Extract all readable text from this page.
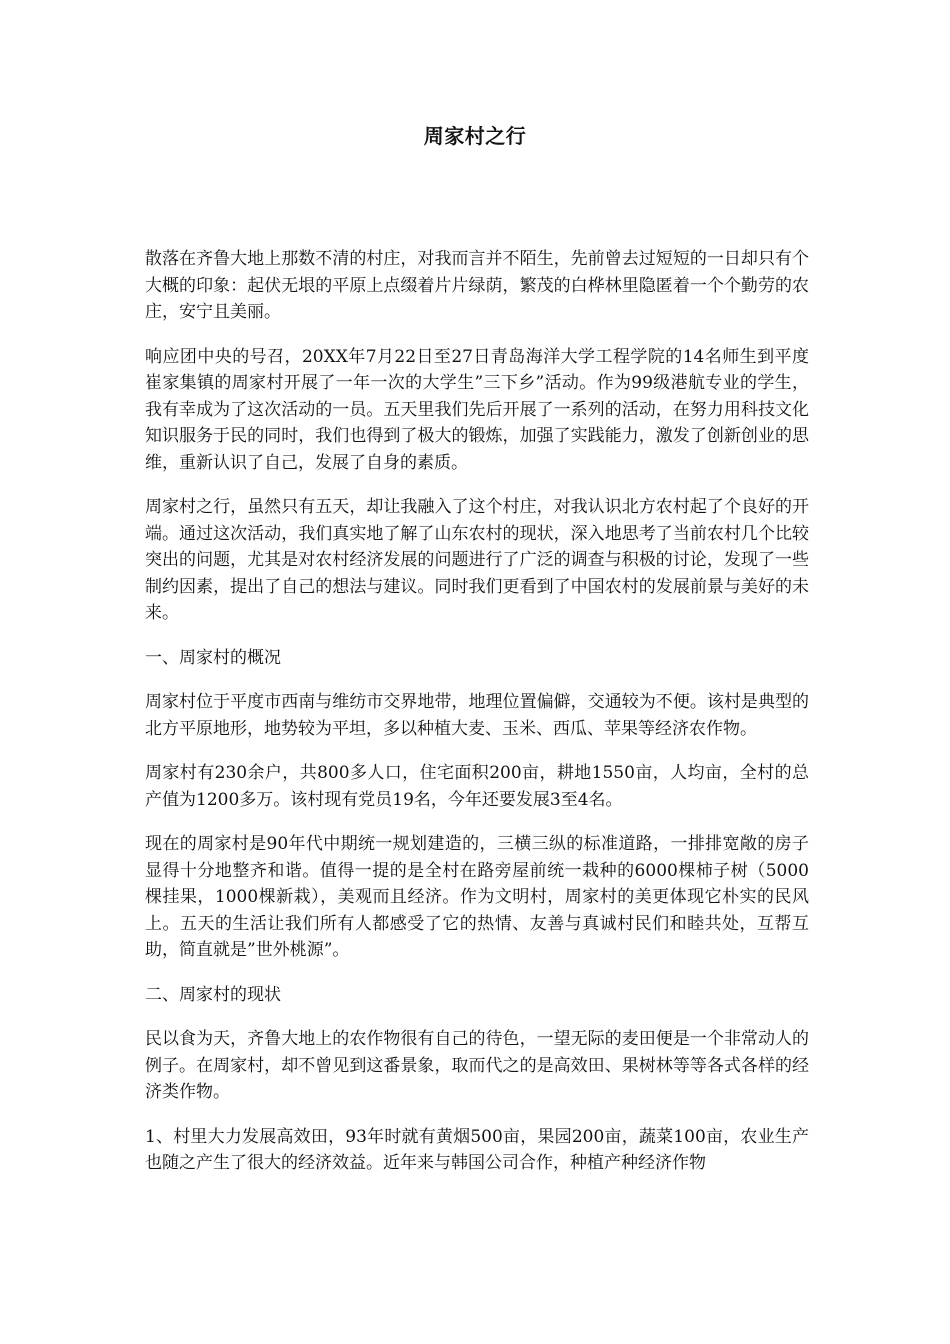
周家村之行

散落在齐鲁大地上那数不清的村庄，对我而言并不陌生，先前曾去过短短的一日却只有个大概的印象：起伏无垠的平原上点缀着片片绿荫，繁茂的白桦林里隐匿着一个个勤劳的农庄，安宁且美丽。

响应团中央的号召，20XX年7月22日至27日青岛海洋大学工程学院的14名师生到平度崔家集镇的周家村开展了一年一次的大学生”三下乡”活动。作为99级港航专业的学生，我有幸成为了这次活动的一员。五天里我们先后开展了一系列的活动，在努力用科技文化知识服务于民的同时，我们也得到了极大的锻炼，加强了实践能力，激发了创新创业的思维，重新认识了自己，发展了自身的素质。

周家村之行，虽然只有五天，却让我融入了这个村庄，对我认识北方农村起了个良好的开端。通过这次活动，我们真实地了解了山东农村的现状，深入地思考了当前农村几个比较突出的问题，尤其是对农村经济发展的问题进行了广泛的调查与积极的讨论，发现了一些制约因素，提出了自己的想法与建议。同时我们更看到了中国农村的发展前景与美好的未来。

一、周家村的概况

周家村位于平度市西南与维纺市交界地带，地理位置偏僻，交通较为不便。该村是典型的北方平原地形，地势较为平坦，多以种植大麦、玉米、西瓜、苹果等经济农作物。

周家村有230余户，共800多人口，住宅面积200亩，耕地1550亩，人均亩，全村的总产值为1200多万。该村现有党员19名，今年还要发展3至4名。

现在的周家村是90年代中期统一规划建造的，三横三纵的标准道路，一排排宽敞的房子显得十分地整齐和谐。值得一提的是全村在路旁屋前统一栽种的6000棵柿子树（5000棵挂果，1000棵新栽），美观而且经济。作为文明村，周家村的美更体现它朴实的民风上。五天的生活让我们所有人都感受了它的热情、友善与真诚村民们和睦共处，互帮互助，简直就是”世外桃源”。

二、周家村的现状

民以食为天，齐鲁大地上的农作物很有自己的待色，一望无际的麦田便是一个非常动人的例子。在周家村，却不曾见到这番景象，取而代之的是高效田、果树林等等各式各样的经济类作物。

1、村里大力发展高效田，93年时就有黄烟500亩，果园200亩，蔬菜100亩，农业生产也随之产生了很大的经济效益。近年来与韩国公司合作，种植产种经济作物
